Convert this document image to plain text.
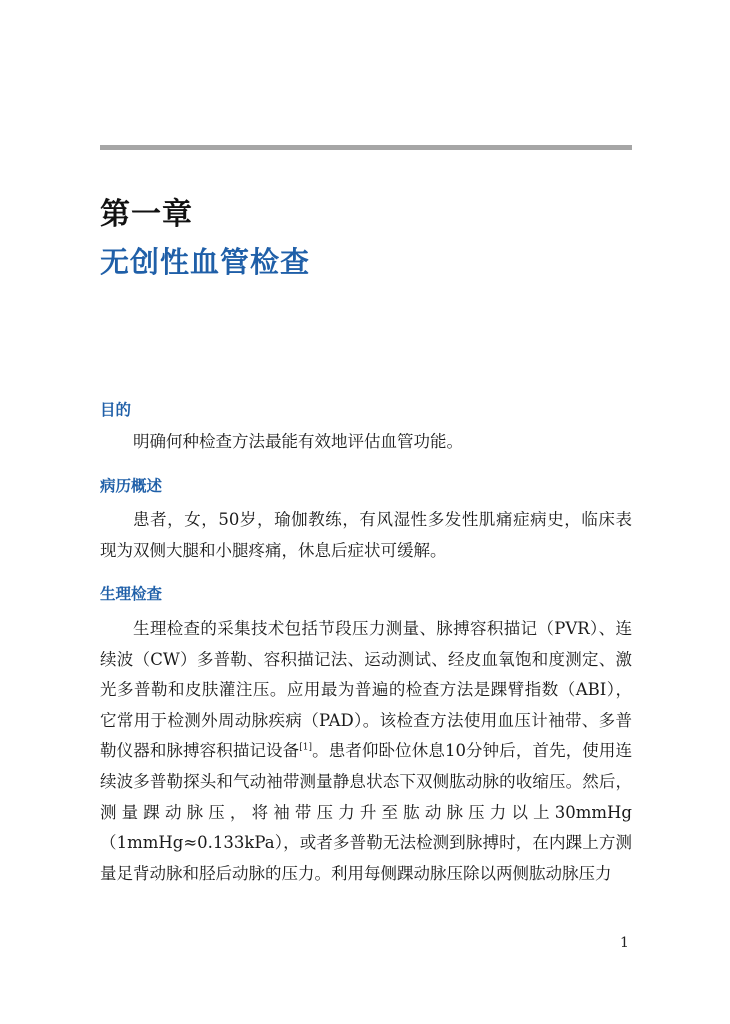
第一章
无创性血管检查
目的

明确何种检查方法最能有效地评估血管功能。

病历概述

患者，女，50岁，瑜伽教练，有风湿性多发性肌痛症病史，临床表现为双侧大腿和小腿疼痛，休息后症状可缓解。

生理检查

生理检查的采集技术包括节段压力测量、脉搏容积描记（PVR）、连续波（CW）多普勒、容积描记法、运动测试、经皮血氧饱和度测定、激光多普勒和皮肤灌注压。应用最为普遍的检查方法是踝臂指数（ABI），它常用于检测外周动脉疾病（PAD）。该检查方法使用血压计袖带、多普勒仪器和脉搏容积描记设备[1]。患者仰卧位休息10分钟后，首先，使用连续波多普勒探头和气动袖带测量静息状态下双侧肱动脉的收缩压。然后，测量踝动脉压，将袖带压力升至肱动脉压力以上30mmHg（1mmHg≈0.133kPa），或者多普勒无法检测到脉搏时，在内踝上方测量足背动脉和胫后动脉的压力。利用每侧踝动脉压除以两侧肱动脉压力

1
